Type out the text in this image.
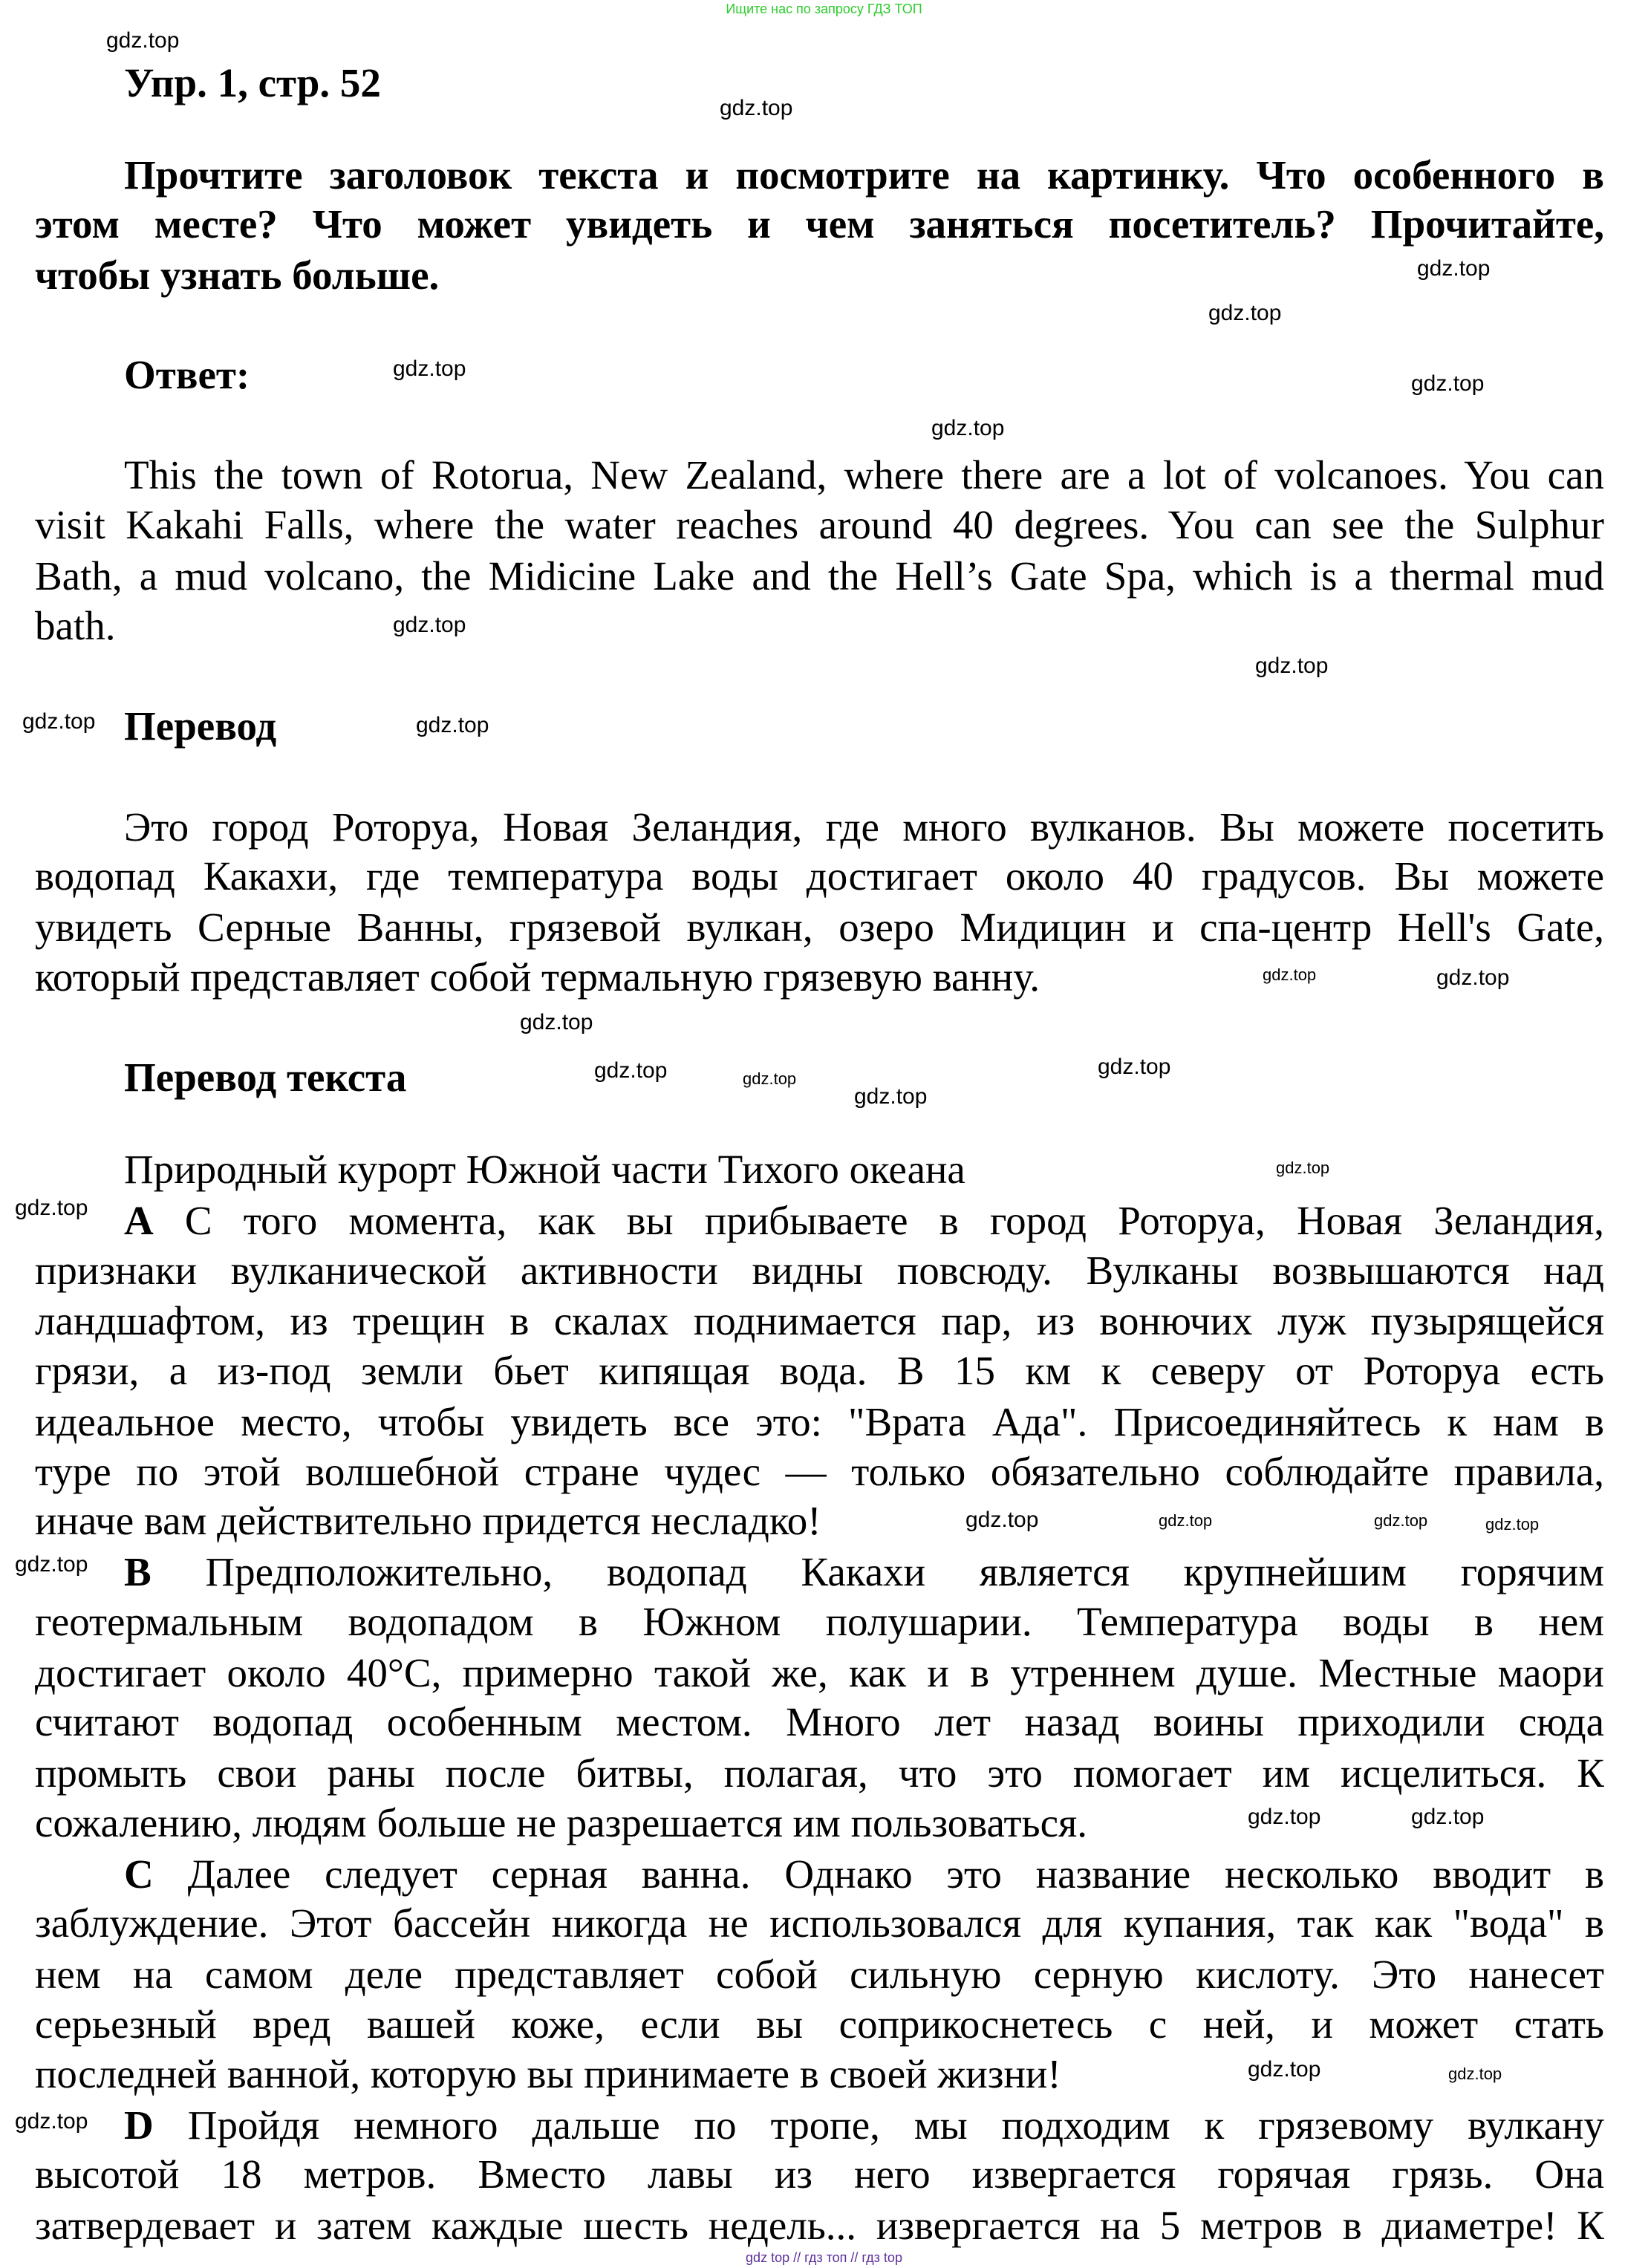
Ищите нас по запросу ГДЗ ТОП
Упр. 1, стр. 52
Прочтите заголовок текста и посмотрите на картинку. Что особенного в
этом месте? Что может увидеть и чем заняться посетитель? Прочитайте,
чтобы узнать больше.
Ответ:
This the town of Rotorua, New Zealand, where there are a lot of volcanoes. You can
visit Kakahi Falls, where the water reaches around 40 degrees. You can see the Sulphur
Bath, a mud volcano, the Midicine Lake and the Hell’s Gate Spa, which is a thermal mud
bath.
Перевод
Это город Роторуа, Новая Зеландия, где много вулканов. Вы можете посетить
водопад Какахи, где температура воды достигает около 40 градусов. Вы можете
увидеть Серные Ванны, грязевой вулкан, озеро Мидицин и спа-центр Hell's Gate,
который представляет собой термальную грязевую ванну.
Перевод текста
Природный курорт Южной части Тихого океана
A С того момента, как вы прибываете в город Роторуа, Новая Зеландия,
признаки вулканической активности видны повсюду. Вулканы возвышаются над
ландшафтом, из трещин в скалах поднимается пар, из вонючих луж пузырящейся
грязи, а из-под земли бьет кипящая вода. В 15 км к северу от Роторуа есть
идеальное место, чтобы увидеть все это: "Врата Ада". Присоединяйтесь к нам в
туре по этой волшебной стране чудес — только обязательно соблюдайте правила,
иначе вам действительно придется несладко!
B Предположительно, водопад Какахи является крупнейшим горячим
геотермальным водопадом в Южном полушарии. Температура воды в нем
достигает около 40°С, примерно такой же, как и в утреннем душе. Местные маори
считают водопад особенным местом. Много лет назад воины приходили сюда
промыть свои раны после битвы, полагая, что это помогает им исцелиться. К
сожалению, людям больше не разрешается им пользоваться.
C Далее следует серная ванна. Однако это название несколько вводит в
заблуждение. Этот бассейн никогда не использовался для купания, так как "вода" в
нем на самом деле представляет собой сильную серную кислоту. Это нанесет
серьезный вред вашей коже, если вы соприкоснетесь с ней, и может стать
последней ванной, которую вы принимаете в своей жизни!
D Пройдя немного дальше по тропе, мы подходим к грязевому вулкану
высотой 18 метров. Вместо лавы из него извергается горячая грязь. Она
затвердевает и затем каждые шесть недель... извергается на 5 метров в диаметре! К
gdz.top
gdz.top
gdz.top
gdz.top
gdz.top
gdz.top
gdz.top
gdz.top
gdz.top
gdz.top	gdz.top
gdz.top
gdz.top
gdz.top
gdz.top
gdz.top
gdz.top
gdz.top
gdz.top
gdz.top
gdz.top
gdz.top
gdz.top
gdz.top	gdz.top
gdz.top
gdz.top
gdz.top
gdz.top
gdz.top
gdz top // гдз топ // гдз top
